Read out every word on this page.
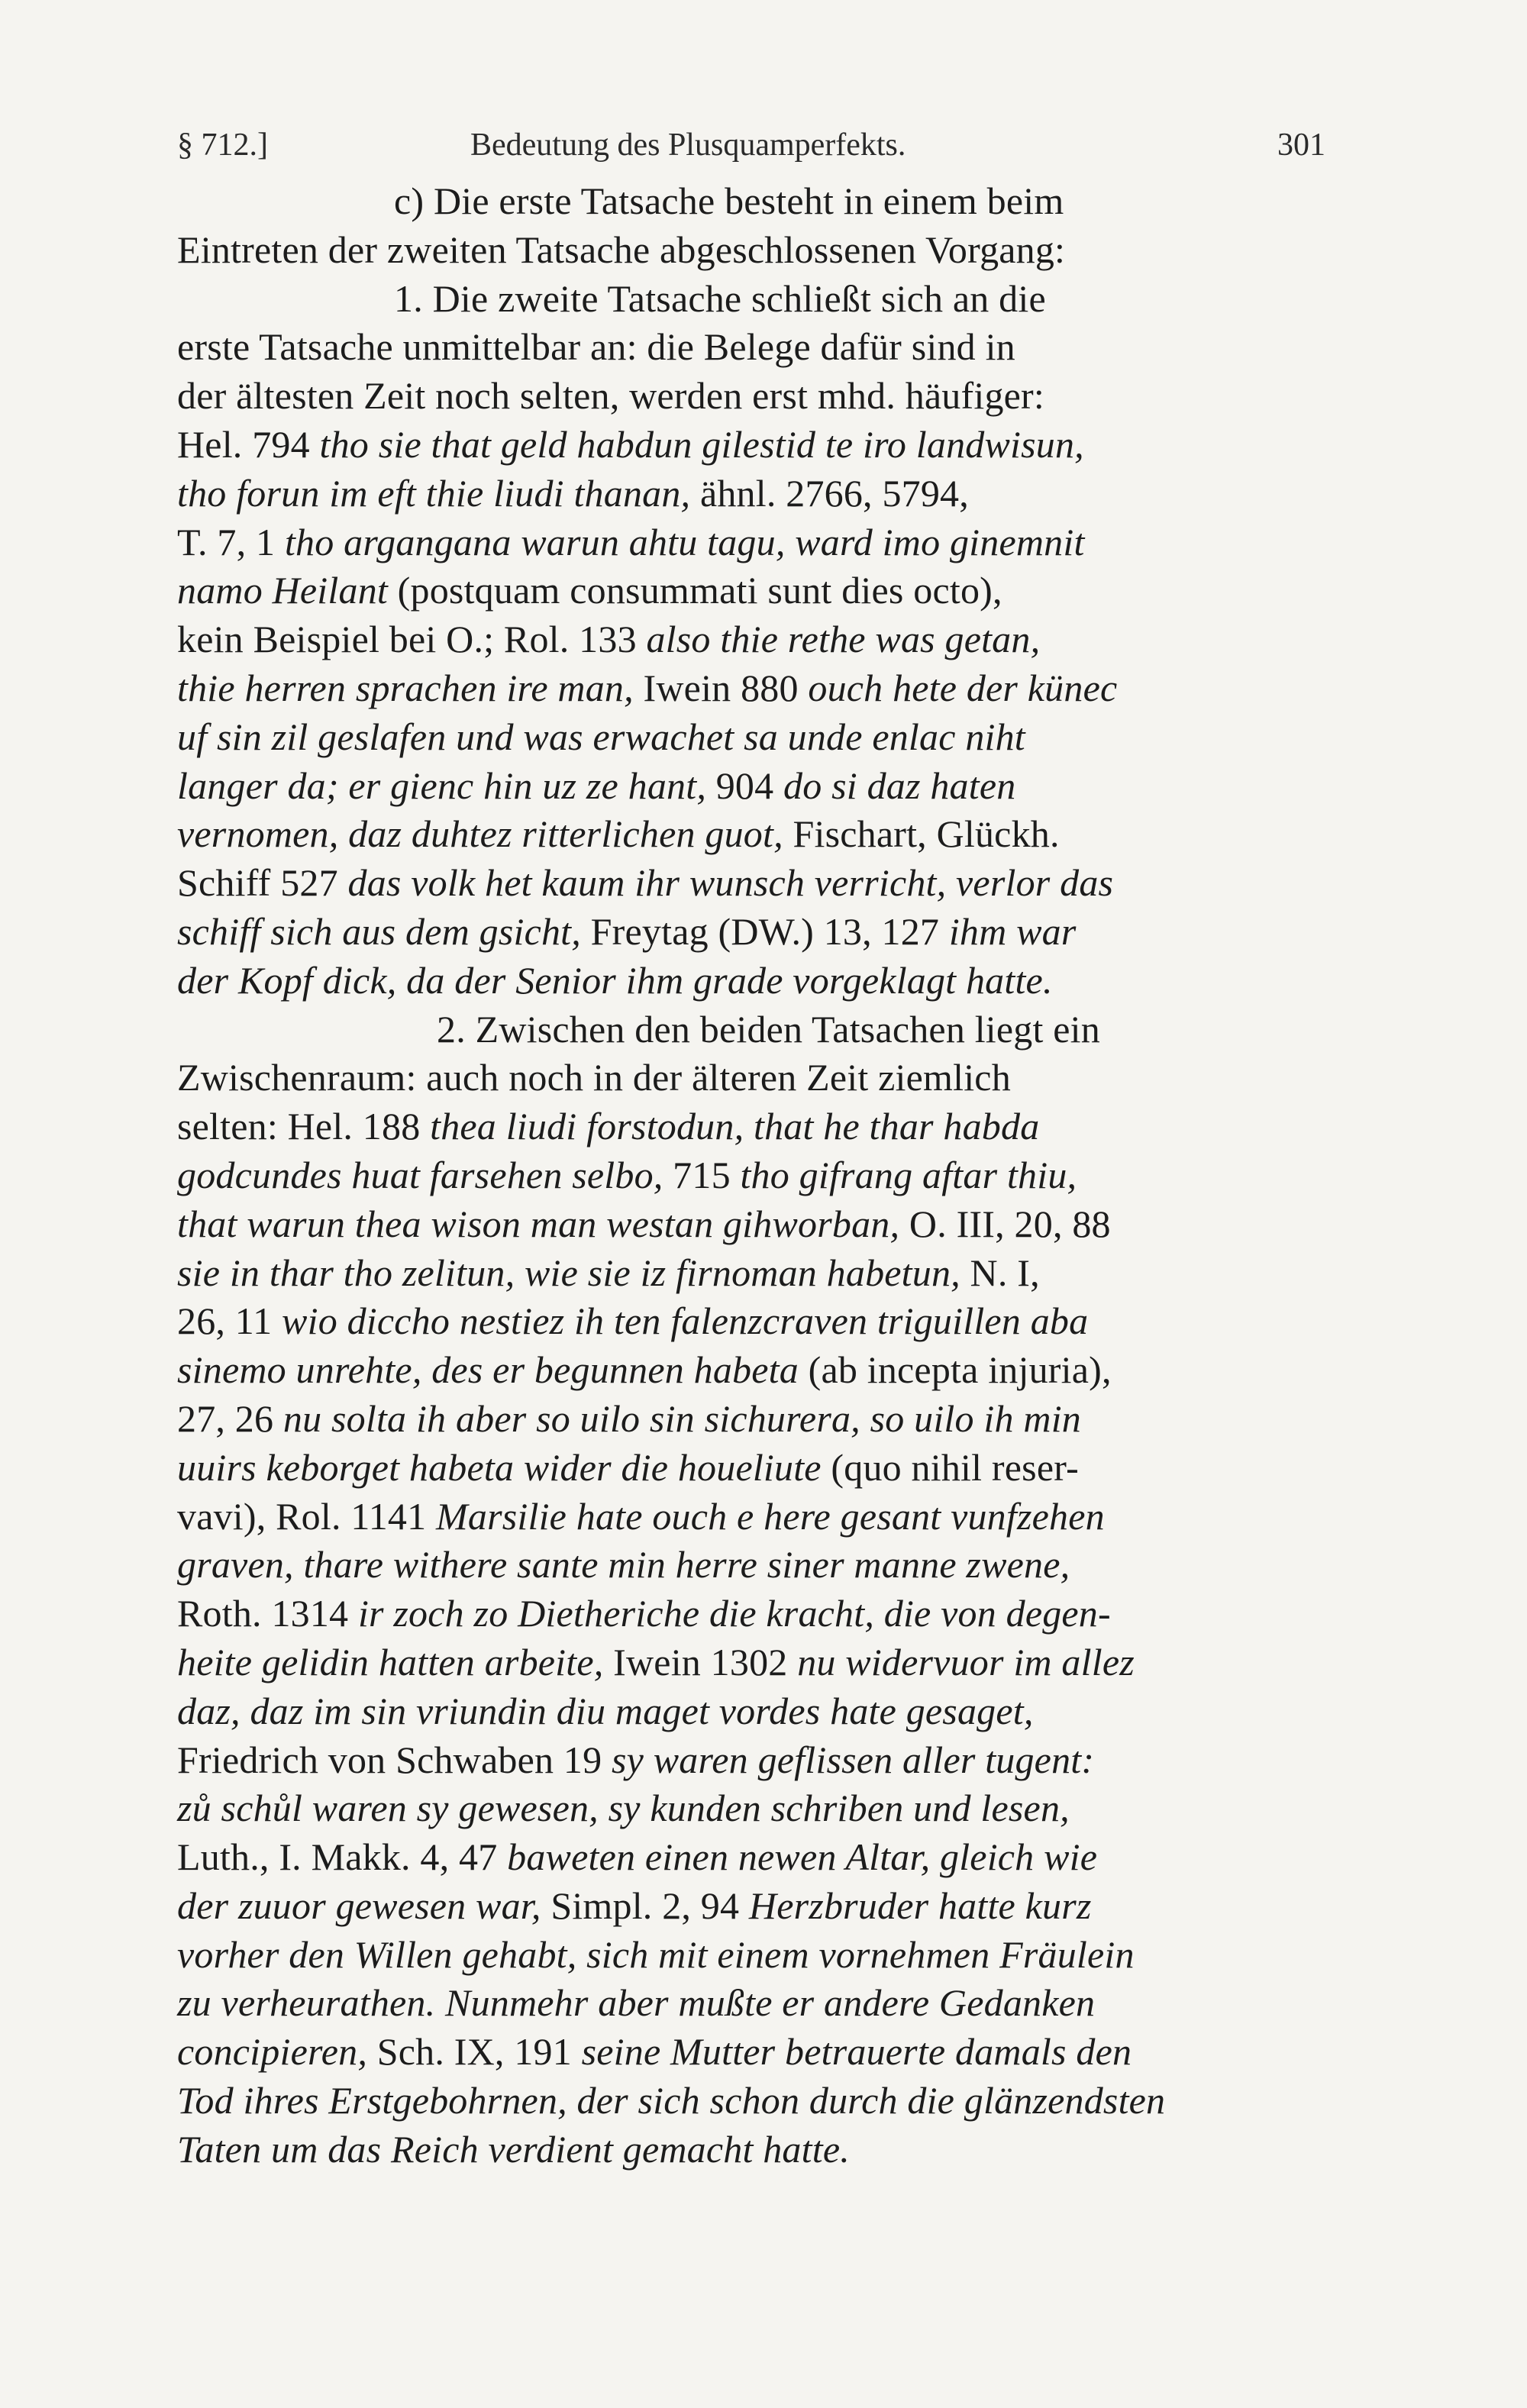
§ 712.]	Bedeutung des Plusquamperfekts.	301
c) Die erste Tatsache besteht in einem beim
Eintreten der zweiten Tatsache abgeschlossenen Vorgang:
1. Die zweite Tatsache schließt sich an die
erste Tatsache unmittelbar an: die Belege dafür sind in
der ältesten Zeit noch selten, werden erst mhd. häufiger:
Hel. 794 tho sie that geld habdun gilestid te iro landwisun,
tho forun im eft thie liudi thanan, ähnl. 2766, 5794,
T. 7, 1 tho argangana warun ahtu tagu, ward imo ginemnit
namo Heilant (postquam consummati sunt dies octo),
kein Beispiel bei O.; Rol. 133 also thie rethe was getan,
thie herren sprachen ire man, Iwein 880 ouch hete der künec
uf sin zil geslafen und was erwachet sa unde enlac niht
langer da; er gienc hin uz ze hant, 904 do si daz haten
vernomen, daz duhtez ritterlichen guot, Fischart, Glückh.
Schiff 527 das volk het kaum ihr wunsch verricht, verlor das
schiff sich aus dem gsicht, Freytag (DW.) 13, 127 ihm war
der Kopf dick, da der Senior ihm grade vorgeklagt hatte.
2. Zwischen den beiden Tatsachen liegt ein
Zwischenraum: auch noch in der älteren Zeit ziemlich
selten: Hel. 188 thea liudi forstodun, that he thar habda
godcundes huat farsehen selbo, 715 tho gifrang aftar thiu,
that warun thea wison man westan gihworban, O. III, 20, 88
sie in thar tho zelitun, wie sie iz firnoman habetun, N. I,
26, 11 wio diccho nestiez ih ten falenzcraven triguillen aba
sinemo unrehte, des er begunnen habeta (ab incepta injuria),
27, 26 nu solta ih aber so uilo sin sichurera, so uilo ih min
uuirs keborget habeta wider die houeliute (quo nihil reser-
vavi), Rol. 1141 Marsilie hate ouch e here gesant vunfzehen
graven, thare withere sante min herre siner manne zwene,
Roth. 1314 ir zoch zo Dietheriche die kracht, die von degen-
heite gelidin hatten arbeite, Iwein 1302 nu widervuor im allez
daz, daz im sin vriundin diu maget vordes hate gesaget,
Friedrich von Schwaben 19 sy waren geflissen aller tugent:
zů schůl waren sy gewesen, sy kunden schriben und lesen,
Luth., I. Makk. 4, 47 baweten einen newen Altar, gleich wie
der zuuor gewesen war, Simpl. 2, 94 Herzbruder hatte kurz
vorher den Willen gehabt, sich mit einem vornehmen Fräulein
zu verheurathen. Nunmehr aber mußte er andere Gedanken
concipieren, Sch. IX, 191 seine Mutter betrauerte damals den
Tod ihres Erstgebohrnen, der sich schon durch die glänzendsten
Taten um das Reich verdient gemacht hatte.
